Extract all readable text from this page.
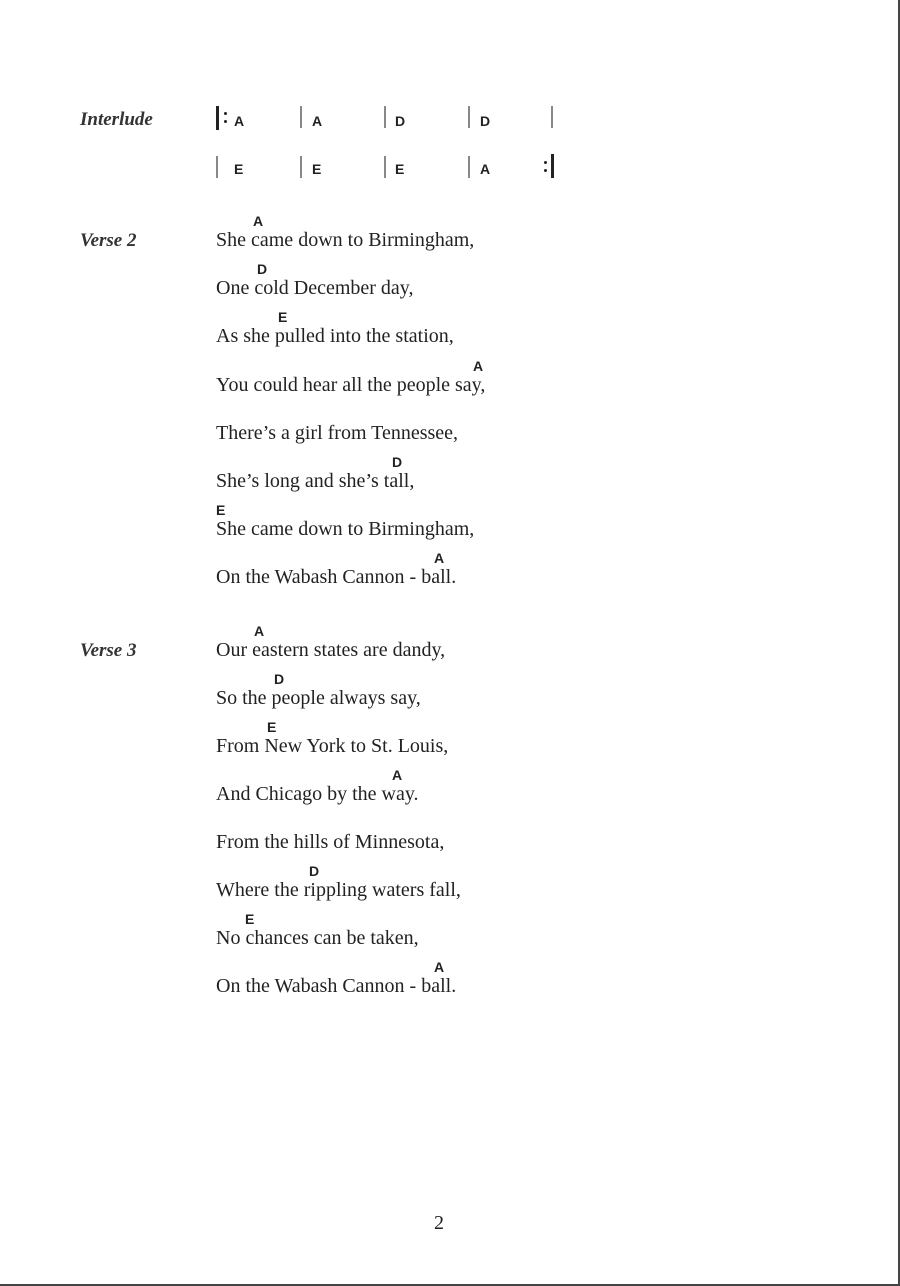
Interlude	A	A	D	D
E	E	E	A
Verse 2
A
She came down to Birmingham,
D
One cold December day,
E
As she pulled into the station,
A
You could hear all the people say,
There’s a girl from Tennessee,
D
She’s long and she’s tall,
E
She came down to Birmingham,
A
On the Wabash Cannon - ball.
Verse 3
A
Our eastern states are dandy,
D
So the people always say,
E
From New York to St. Louis,
A
And Chicago by the way.
From the hills of Minnesota,
D
Where the rippling waters fall,
E
No chances can be taken,
A
On the Wabash Cannon - ball.
2
